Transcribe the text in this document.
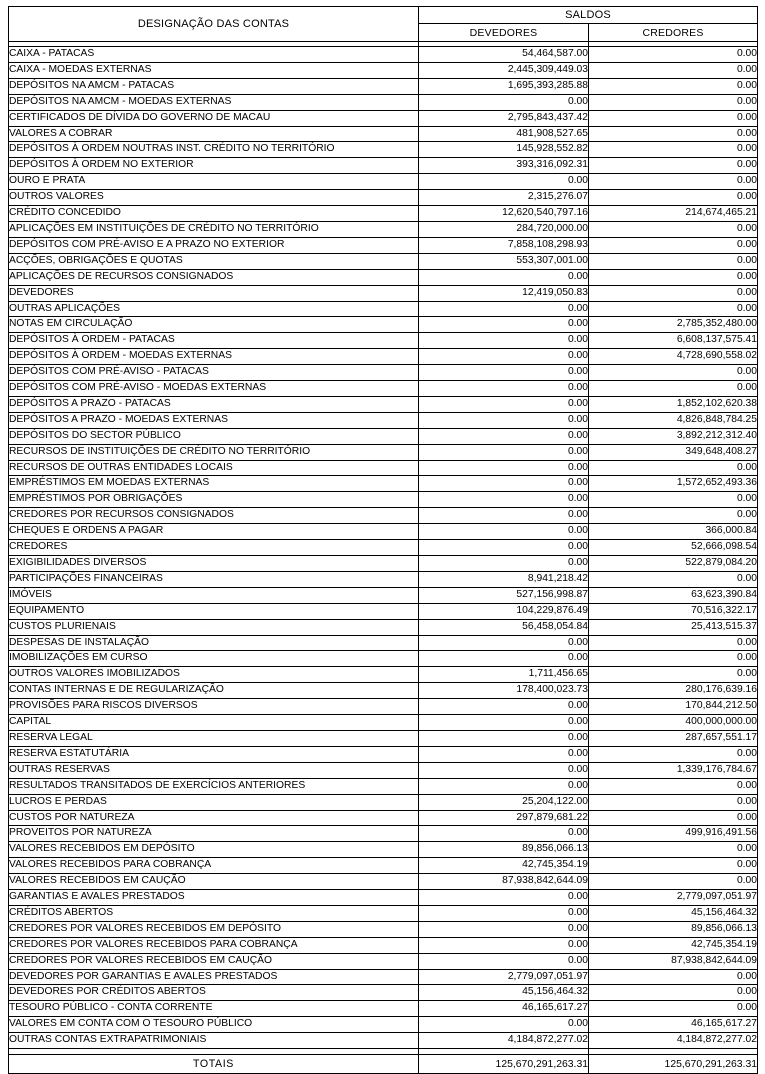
DESIGNAÇÃO DAS CONTAS	SALDOS	
	DEVEDORES	CREDORES

CAIXA - PATACAS	54,464,587.00	0.00
CAIXA - MOEDAS EXTERNAS	2,445,309,449.03	0.00
DEPÓSITOS NA AMCM - PATACAS	1,695,393,285.88	0.00
DEPÓSITOS NA AMCM - MOEDAS EXTERNAS	0.00	0.00
CERTIFICADOS DE DÍVIDA DO GOVERNO DE MACAU	2,795,843,437.42	0.00
VALORES A COBRAR	481,908,527.65	0.00
DEPÓSITOS À ORDEM NOUTRAS INST. CRÉDITO NO TERRITÓRIO	145,928,552.82	0.00
DEPÓSITOS À ORDEM NO EXTERIOR	393,316,092.31	0.00
OURO E PRATA	0.00	0.00
OUTROS VALORES	2,315,276.07	0.00
CRÉDITO CONCEDIDO	12,620,540,797.16	214,674,465.21
APLICAÇÕES EM INSTITUIÇÕES DE CRÉDITO NO TERRITÓRIO	284,720,000.00	0.00
DEPÓSITOS COM PRÉ-AVISO E A PRAZO NO EXTERIOR	7,858,108,298.93	0.00
ACÇÕES, OBRIGAÇÕES E QUOTAS	553,307,001.00	0.00
APLICAÇÕES DE RECURSOS CONSIGNADOS	0.00	0.00
DEVEDORES	12,419,050.83	0.00
OUTRAS APLICAÇÕES	0.00	0.00
NOTAS EM CIRCULAÇÃO	0.00	2,785,352,480.00
DEPÓSITOS À ORDEM - PATACAS	0.00	6,608,137,575.41
DEPÓSITOS À ORDEM - MOEDAS EXTERNAS	0.00	4,728,690,558.02
DEPÓSITOS COM PRÉ-AVISO - PATACAS	0.00	0.00
DEPÓSITOS COM PRÉ-AVISO - MOEDAS EXTERNAS	0.00	0.00
DEPÓSITOS A PRAZO - PATACAS	0.00	1,852,102,620.38
DEPÓSITOS A PRAZO - MOEDAS EXTERNAS	0.00	4,826,848,784.25
DEPÓSITOS DO SECTOR PÚBLICO	0.00	3,892,212,312.40
RECURSOS DE INSTITUIÇÕES DE CRÉDITO NO TERRITÓRIO	0.00	349,648,408.27
RECURSOS DE OUTRAS ENTIDADES LOCAIS	0.00	0.00
EMPRÉSTIMOS EM MOEDAS EXTERNAS	0.00	1,572,652,493.36
EMPRÉSTIMOS POR OBRIGAÇÕES	0.00	0.00
CREDORES POR RECURSOS CONSIGNADOS	0.00	0.00
CHEQUES E ORDENS A PAGAR	0.00	366,000.84
CREDORES	0.00	52,666,098.54
EXIGIBILIDADES DIVERSOS	0.00	522,879,084.20
PARTICIPAÇÕES FINANCEIRAS	8,941,218.42	0.00
IMÓVEIS	527,156,998.87	63,623,390.84
EQUIPAMENTO	104,229,876.49	70,516,322.17
CUSTOS PLURIENAIS	56,458,054.84	25,413,515.37
DESPESAS DE INSTALAÇÃO	0.00	0.00
IMOBILIZAÇÕES EM CURSO	0.00	0.00
OUTROS VALORES IMOBILIZADOS	1,711,456.65	0.00
CONTAS INTERNAS E DE REGULARIZAÇÃO	178,400,023.73	280,176,639.16
PROVISÕES PARA RISCOS DIVERSOS	0.00	170,844,212.50
CAPITAL	0.00	400,000,000.00
RESERVA LEGAL	0.00	287,657,551.17
RESERVA ESTATUTÁRIA	0.00	0.00
OUTRAS RESERVAS	0.00	1,339,176,784.67
RESULTADOS TRANSITADOS DE EXERCÍCIOS ANTERIORES	0.00	0.00
LUCROS E PERDAS	25,204,122.00	0.00
CUSTOS POR NATUREZA	297,879,681.22	0.00
PROVEITOS POR NATUREZA	0.00	499,916,491.56
VALORES RECEBIDOS EM DEPÓSITO	89,856,066.13	0.00
VALORES RECEBIDOS PARA COBRANÇA	42,745,354.19	0.00
VALORES RECEBIDOS EM CAUÇÃO	87,938,842,644.09	0.00
GARANTIAS E AVALES PRESTADOS	0.00	2,779,097,051.97
CRÉDITOS ABERTOS	0.00	45,156,464.32
CREDORES POR VALORES RECEBIDOS EM DEPÓSITO	0.00	89,856,066.13
CREDORES POR VALORES RECEBIDOS PARA COBRANÇA	0.00	42,745,354.19
CREDORES POR VALORES RECEBIDOS EM CAUÇÃO	0.00	87,938,842,644.09
DEVEDORES POR GARANTIAS E AVALES PRESTADOS	2,779,097,051.97	0.00
DEVEDORES POR CRÉDITOS ABERTOS	45,156,464.32	0.00
TESOURO PÚBLICO - CONTA CORRENTE	46,165,617.27	0.00
VALORES EM CONTA COM O TESOURO PÚBLICO	0.00	46,165,617.27
OUTRAS CONTAS EXTRAPATRIMONIAIS	4,184,872,277.02	4,184,872,277.02

TOTAIS	125,670,291,263.31	125,670,291,263.31
